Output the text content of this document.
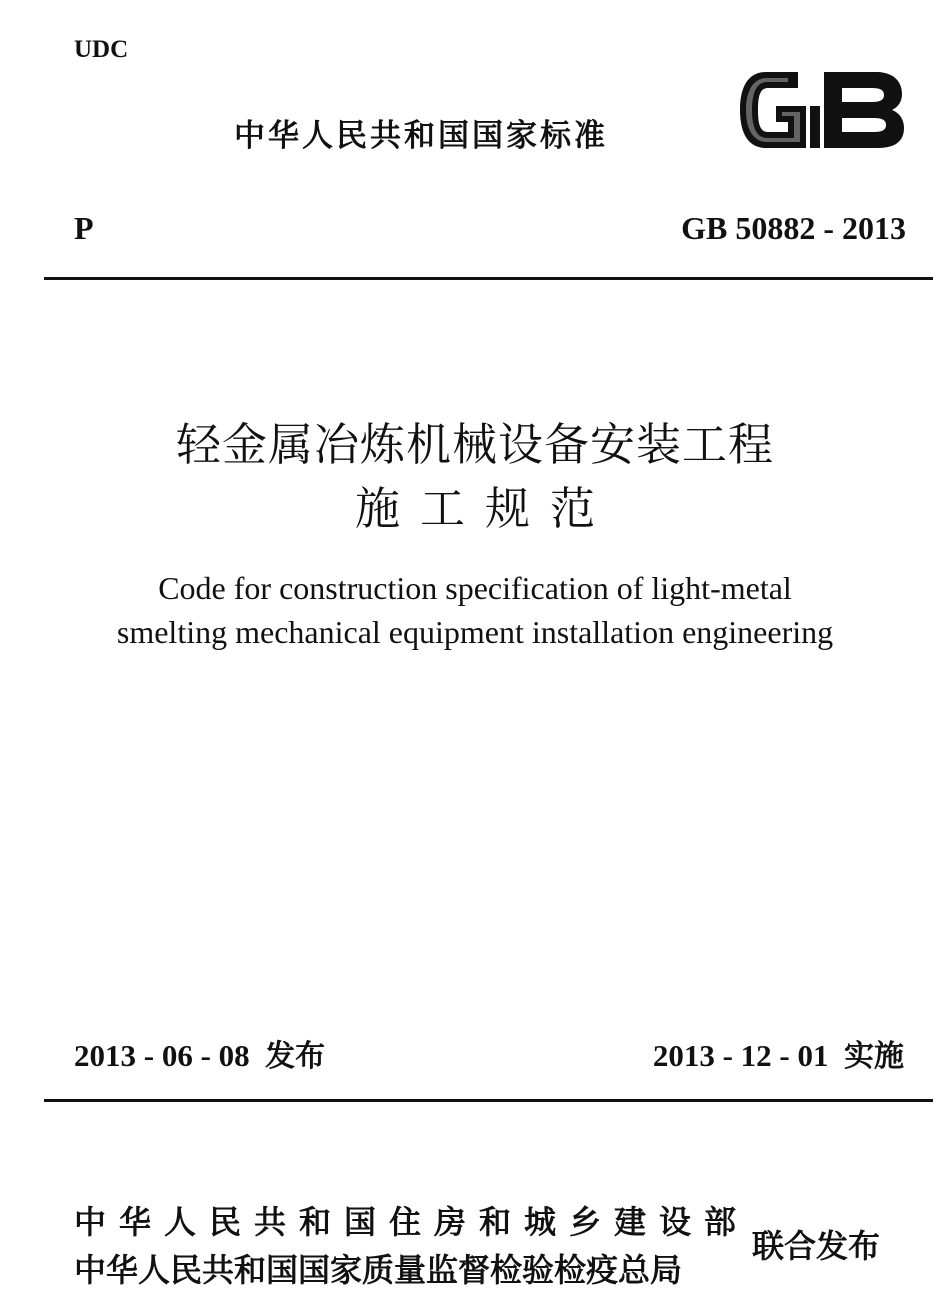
UDC
中华人民共和国国家标准
P	GB 50882 - 2013
轻金属冶炼机械设备安装工程
施工规范
Code for construction specification of light-metal
smelting mechanical equipment installation engineering
2013 - 06 - 08 发布	2013 - 12 - 01 实施
中华人民共和国住房和城乡建设部
中华人民共和国国家质量监督检验检疫总局
联合发布
